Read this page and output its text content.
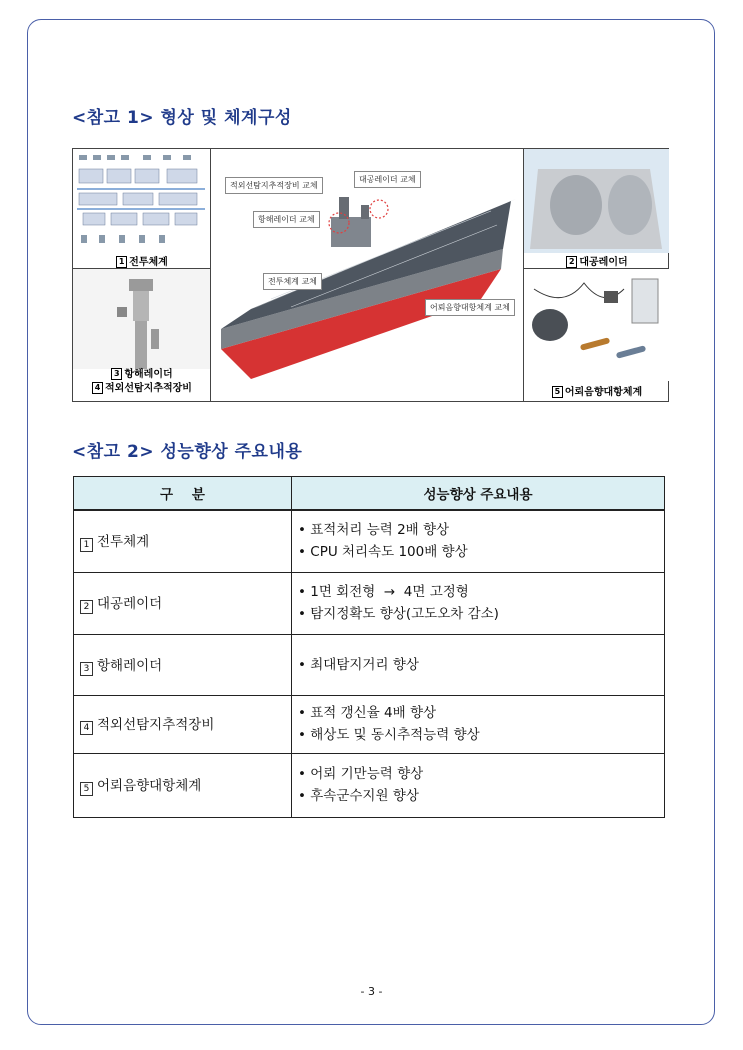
<참고 1> 형상 및 체계구성
1 전투체계
3 항해레이더
4 적외선탐지추적장비
적외선탐지추적장비 교체
대공레이더 교체
항해레이더 교체
전투체계 교체
어뢰음향대항체계 교체
2 대공레이더
5 어뢰음향대항체계
<참고 2> 성능향상 주요내용
구    분	성능향상 주요내용
1 전투체계	• 표적처리 능력 2배 향상
• CPU 처리속도 100배 향상

2 대공레이더	• 1면 회전형  →  4면 고정형
• 탐지정확도 향상(고도오차 감소)

3 항해레이더	• 최대탐지거리 향상

4 적외선탐지추적장비	• 표적 갱신율 4배 향상
• 해상도 및 동시추적능력 향상

5 어뢰음향대항체계	• 어뢰 기만능력 향상
• 후속군수지원 향상
- 3 -
